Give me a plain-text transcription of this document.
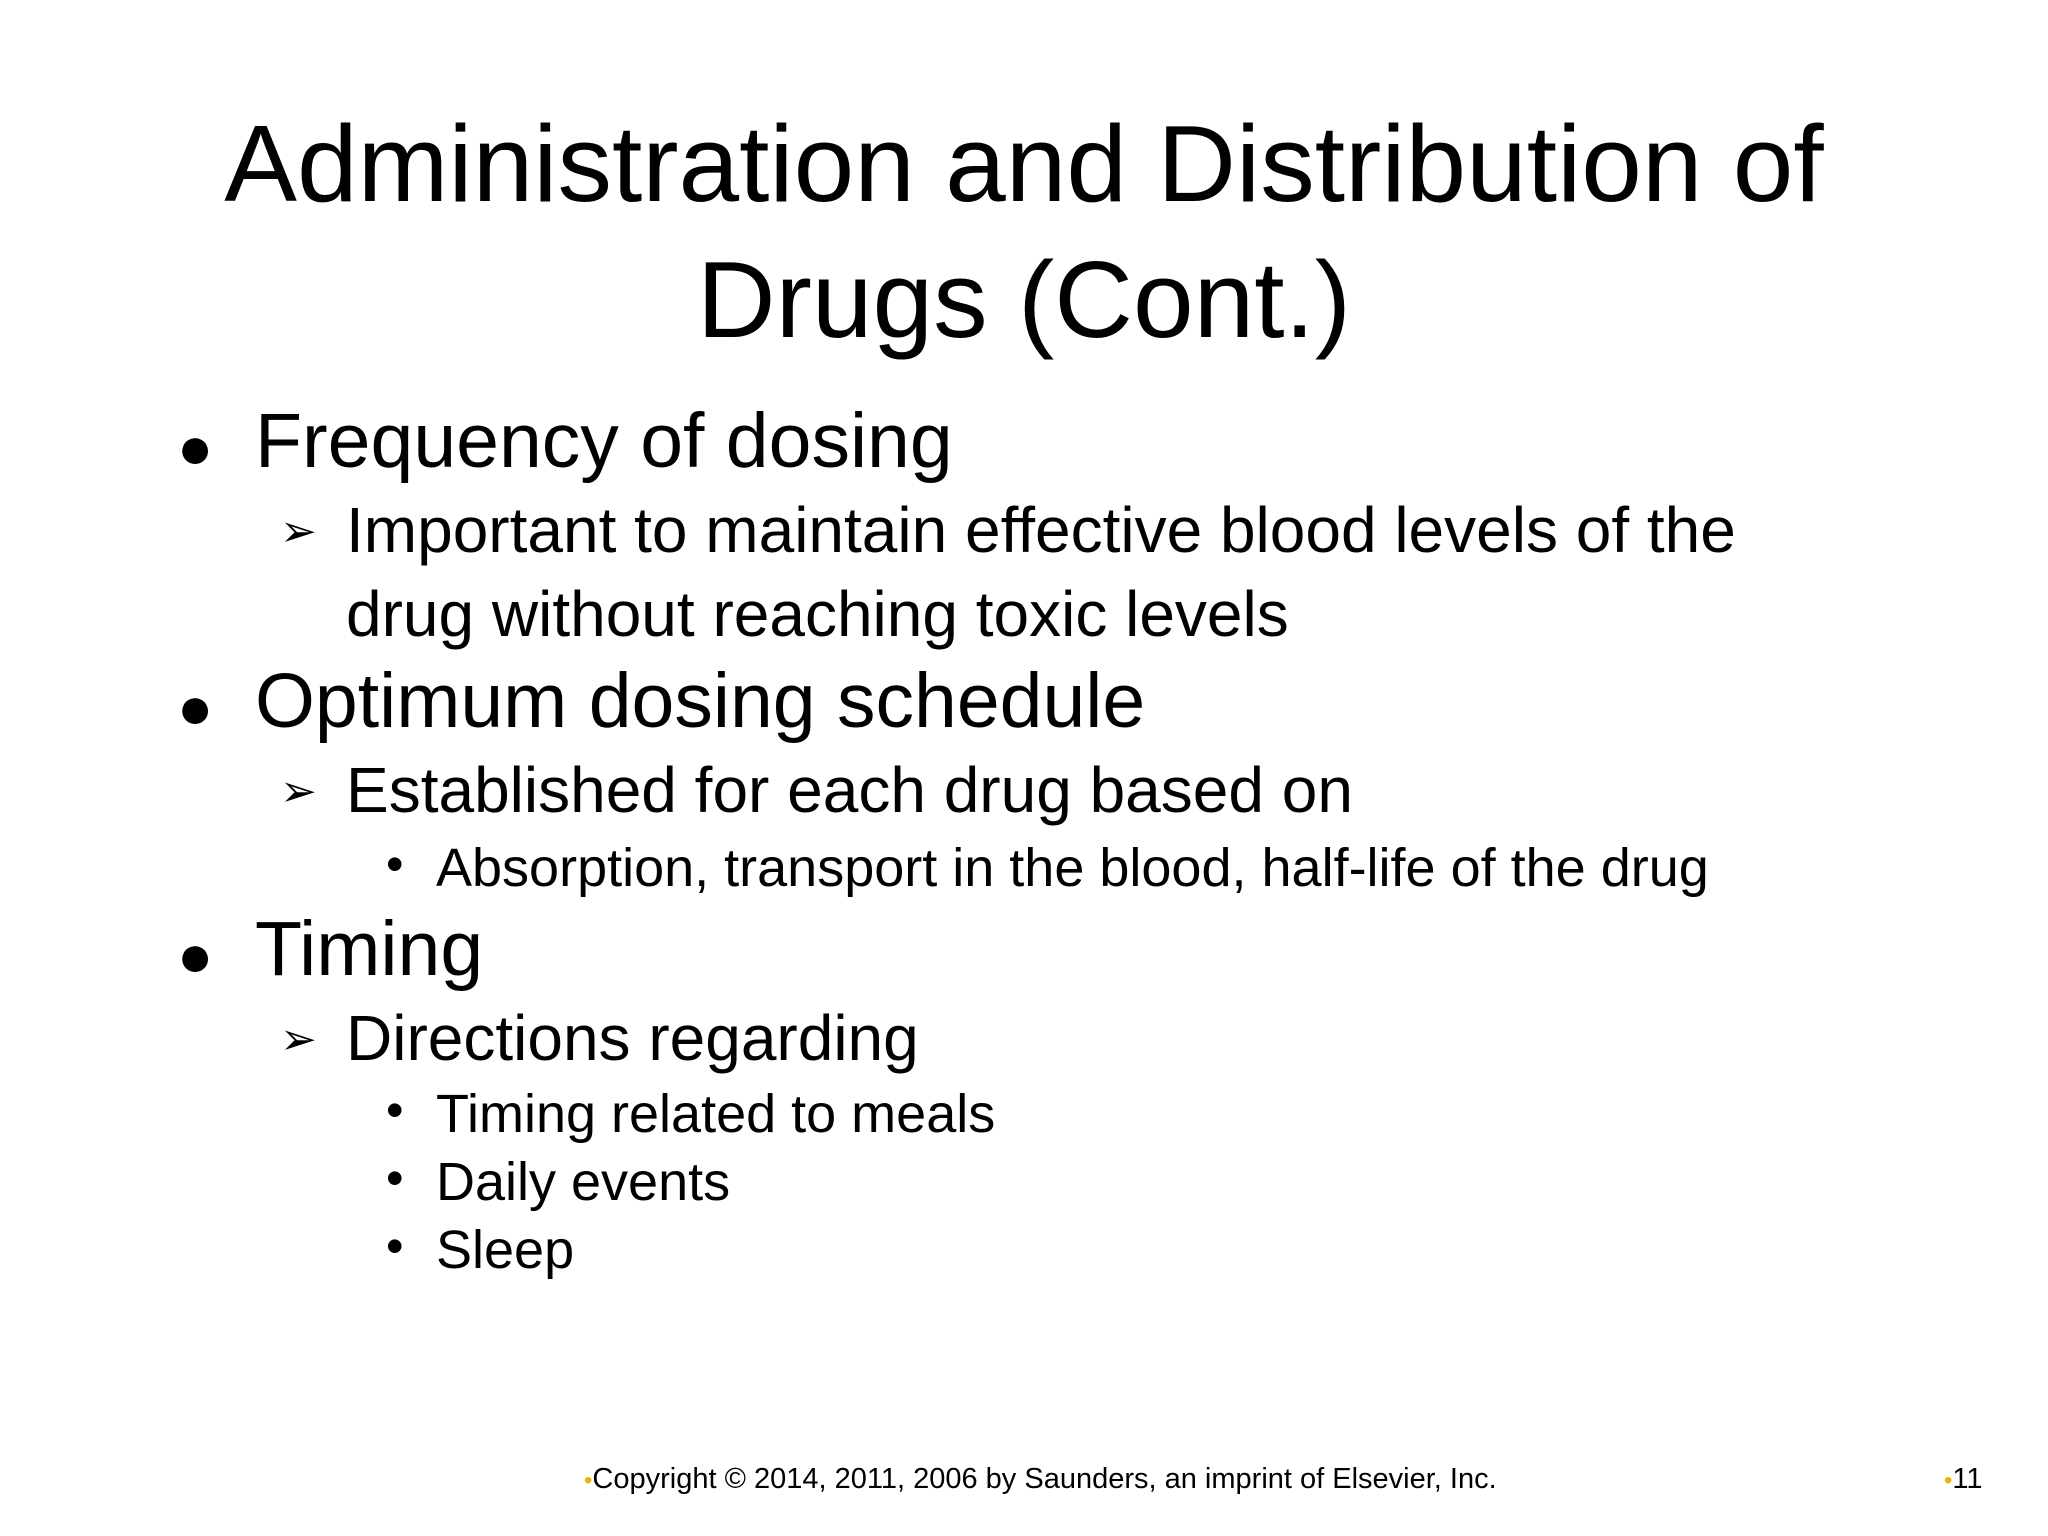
Administration and Distribution of
Drugs (Cont.)
● Frequency of dosing
➢ Important to maintain effective blood levels of the
drug without reaching toxic levels
● Optimum dosing schedule
➢ Established for each drug based on
• Absorption, transport in the blood, half-life of the drug
● Timing
➢ Directions regarding
• Timing related to meals
• Daily events
• Sleep
•Copyright © 2014, 2011, 2006 by Saunders, an imprint of Elsevier, Inc.	•11
